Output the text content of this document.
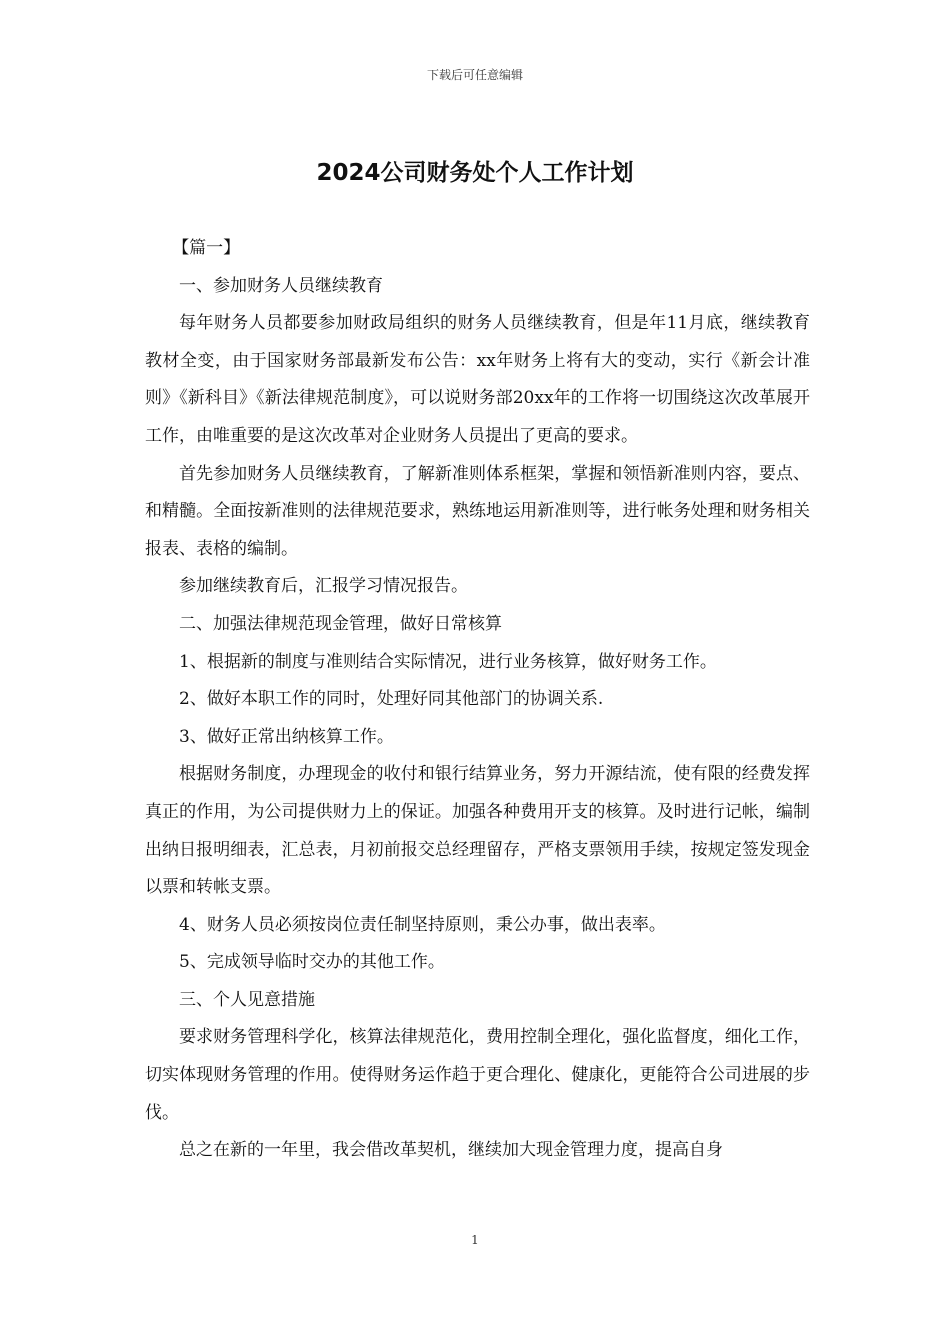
下载后可任意编辑
2024公司财务处个人工作计划

【篇一】

一、参加财务人员继续教育

每年财务人员都要参加财政局组织的财务人员继续教育，但是年11月底，继续教育教材全变，由于国家财务部最新发布公告：xx年财务上将有大的变动，实行《新会计准则》《新科目》《新法律规范制度》，可以说财务部20xx年的工作将一切围绕这次改革展开工作，由唯重要的是这次改革对企业财务人员提出了更高的要求。

首先参加财务人员继续教育，了解新准则体系框架，掌握和领悟新准则内容，要点、和精髓。全面按新准则的法律规范要求，熟练地运用新准则等，进行帐务处理和财务相关报表、表格的编制。

参加继续教育后，汇报学习情况报告。

二、加强法律规范现金管理，做好日常核算

1、根据新的制度与准则结合实际情况，进行业务核算，做好财务工作。

2、做好本职工作的同时，处理好同其他部门的协调关系.

3、做好正常出纳核算工作。

根据财务制度，办理现金的收付和银行结算业务，努力开源结流，使有限的经费发挥真正的作用，为公司提供财力上的保证。加强各种费用开支的核算。及时进行记帐，编制出纳日报明细表，汇总表，月初前报交总经理留存，严格支票领用手续，按规定签发现金以票和转帐支票。

4、财务人员必须按岗位责任制坚持原则，秉公办事，做出表率。

5、完成领导临时交办的其他工作。

三、个人见意措施

要求财务管理科学化，核算法律规范化，费用控制全理化，强化监督度，细化工作，切实体现财务管理的作用。使得财务运作趋于更合理化、健康化，更能符合公司进展的步伐。

总之在新的一年里，我会借改革契机，继续加大现金管理力度，提高自身

1
